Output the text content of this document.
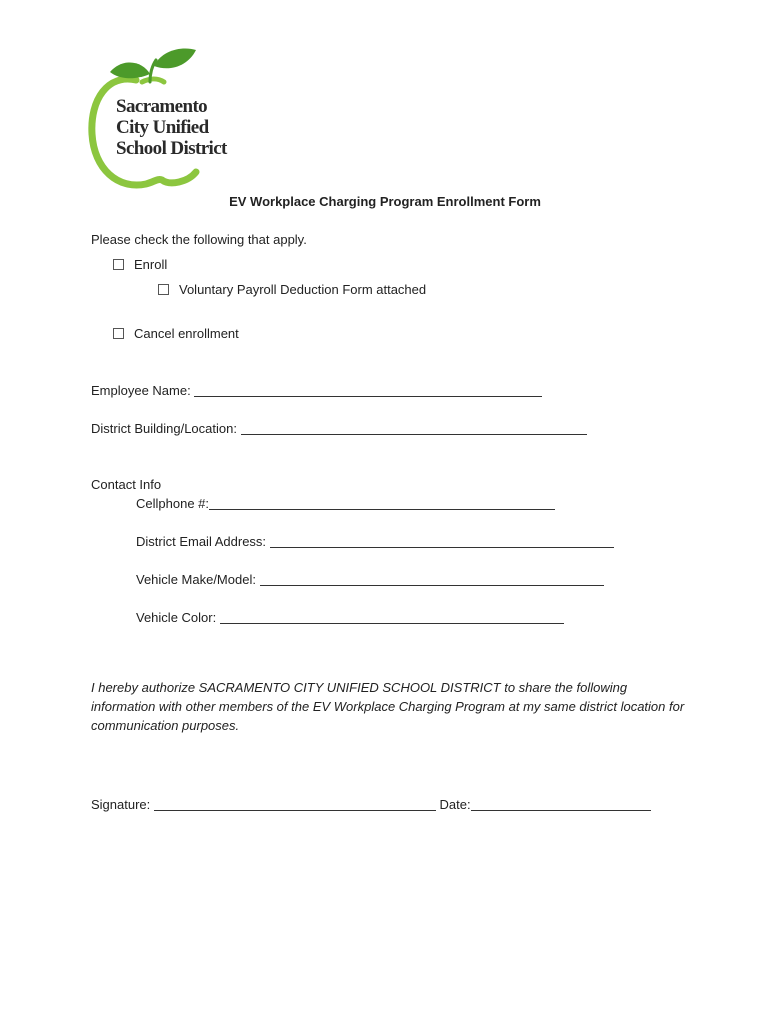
Sacramento
City Unified
School District
EV Workplace Charging Program Enrollment Form
Please check the following that apply.
Enroll
Voluntary Payroll Deduction Form attached
Cancel enrollment
Employee Name:
District Building/Location:
Contact Info
Cellphone #:
District Email Address:
Vehicle Make/Model:
Vehicle Color:
I hereby authorize SACRAMENTO CITY UNIFIED SCHOOL DISTRICT to share the following information with other members of the EV Workplace Charging Program at my same district location for communication purposes.
Signature:	Date:
